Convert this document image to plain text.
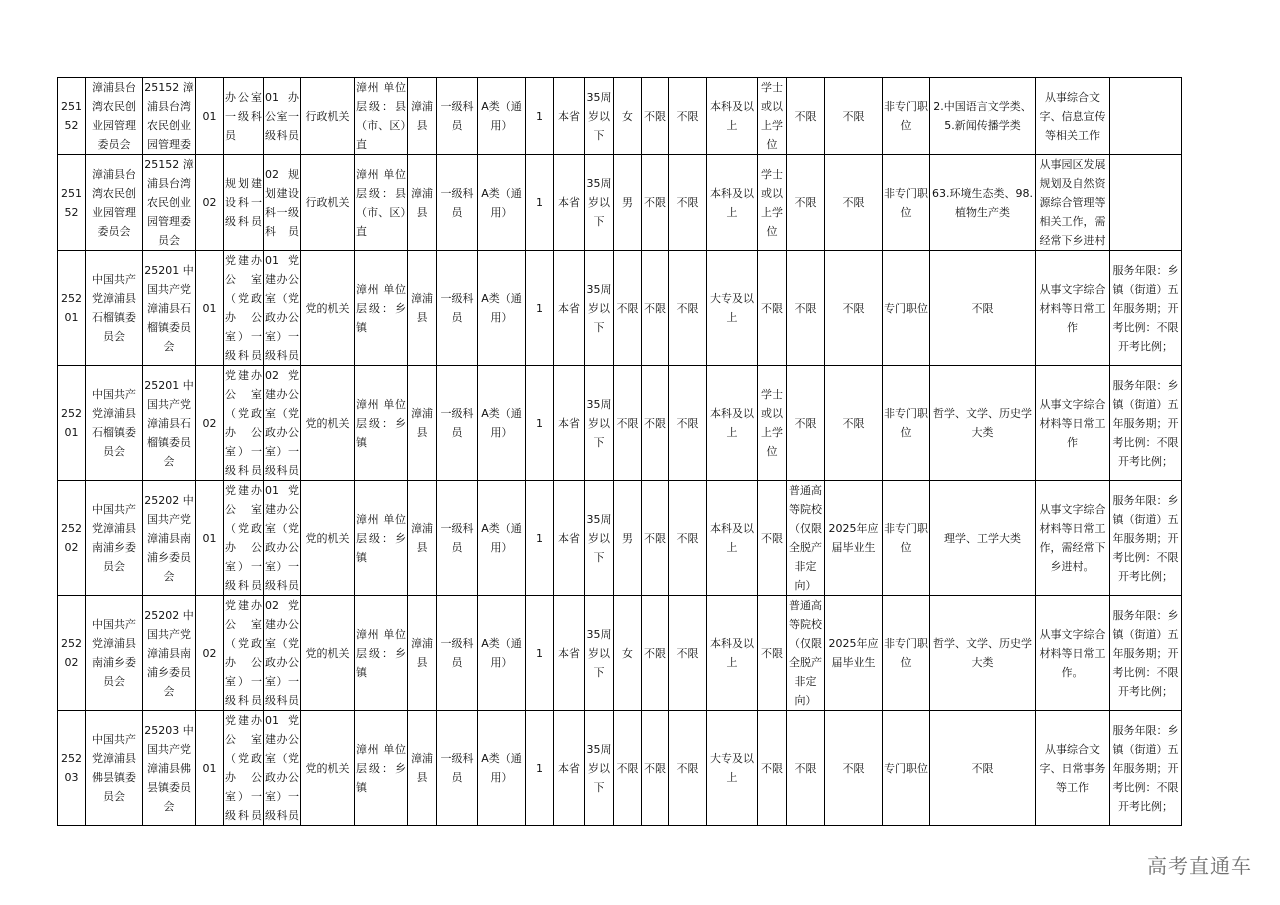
25152	漳浦县台湾农民创业园管理委员会	25152 漳浦县台湾农民创业园管理委	01	办公室一级科员	01 办公室一级科员	行政机关	漳州 单位层级：县（市、区）直	漳浦县	一级科员	A类（通用）	1	本省	35周岁以下	女	不限	不限	本科及以上	学士或以上学位	不限	不限	非专门职位	2.中国语言文学类、5.新闻传播学类	从事综合文字、信息宣传等相关工作	
25152	漳浦县台湾农民创业园管理委员会	25152 漳浦县台湾农民创业园管理委员会	02	规划建设科一级科员	02 规划建设科一级科员	行政机关	漳州 单位层级：县（市、区）直	漳浦县	一级科员	A类（通用）	1	本省	35周岁以下	男	不限	不限	本科及以上	学士或以上学位	不限	不限	非专门职位	63.环境生态类、98.植物生产类	从事园区发展规划及自然资源综合管理等相关工作，需经常下乡进村	
25201	中国共产党漳浦县石榴镇委员会	25201 中国共产党漳浦县石榴镇委员会	01	党建办公室（党政办公室）一级科员	01 党建办公室（党政办公室）一级科员	党的机关	漳州 单位层级：乡镇	漳浦县	一级科员	A类（通用）	1	本省	35周岁以下	不限	不限	不限	大专及以上	不限	不限	不限	专门职位	不限	从事文字综合材料等日常工作	服务年限：乡镇（街道）五年服务期；开考比例：不限开考比例；
25201	中国共产党漳浦县石榴镇委员会	25201 中国共产党漳浦县石榴镇委员会	02	党建办公室（党政办公室）一级科员	02 党建办公室（党政办公室）一级科员	党的机关	漳州 单位层级：乡镇	漳浦县	一级科员	A类（通用）	1	本省	35周岁以下	不限	不限	不限	本科及以上	学士或以上学位	不限	不限	非专门职位	哲学、文学、历史学大类	从事文字综合材料等日常工作	服务年限：乡镇（街道）五年服务期；开考比例：不限开考比例；
25202	中国共产党漳浦县南浦乡委员会	25202 中国共产党漳浦县南浦乡委员会	01	党建办公室（党政办公室）一级科员	01 党建办公室（党政办公室）一级科员	党的机关	漳州 单位层级：乡镇	漳浦县	一级科员	A类（通用）	1	本省	35周岁以下	男	不限	不限	本科及以上	不限	普通高等院校（仅限全脱产非定向）	2025年应届毕业生	非专门职位	理学、工学大类	从事文字综合材料等日常工作，需经常下乡进村。	服务年限：乡镇（街道）五年服务期；开考比例：不限开考比例；
25202	中国共产党漳浦县南浦乡委员会	25202 中国共产党漳浦县南浦乡委员会	02	党建办公室（党政办公室）一级科员	02 党建办公室（党政办公室）一级科员	党的机关	漳州 单位层级：乡镇	漳浦县	一级科员	A类（通用）	1	本省	35周岁以下	女	不限	不限	本科及以上	不限	普通高等院校（仅限全脱产非定向）	2025年应届毕业生	非专门职位	哲学、文学、历史学大类	从事文字综合材料等日常工作。	服务年限：乡镇（街道）五年服务期；开考比例：不限开考比例；
25203	中国共产党漳浦县佛昙镇委员会	25203 中国共产党漳浦县佛昙镇委员会	01	党建办公室（党政办公室）一级科员	01 党建办公室（党政办公室）一级科员	党的机关	漳州 单位层级：乡镇	漳浦县	一级科员	A类（通用）	1	本省	35周岁以下	不限	不限	不限	大专及以上	不限	不限	不限	专门职位	不限	从事综合文字、日常事务等工作	服务年限：乡镇（街道）五年服务期；开考比例：不限开考比例；
高考直通车
